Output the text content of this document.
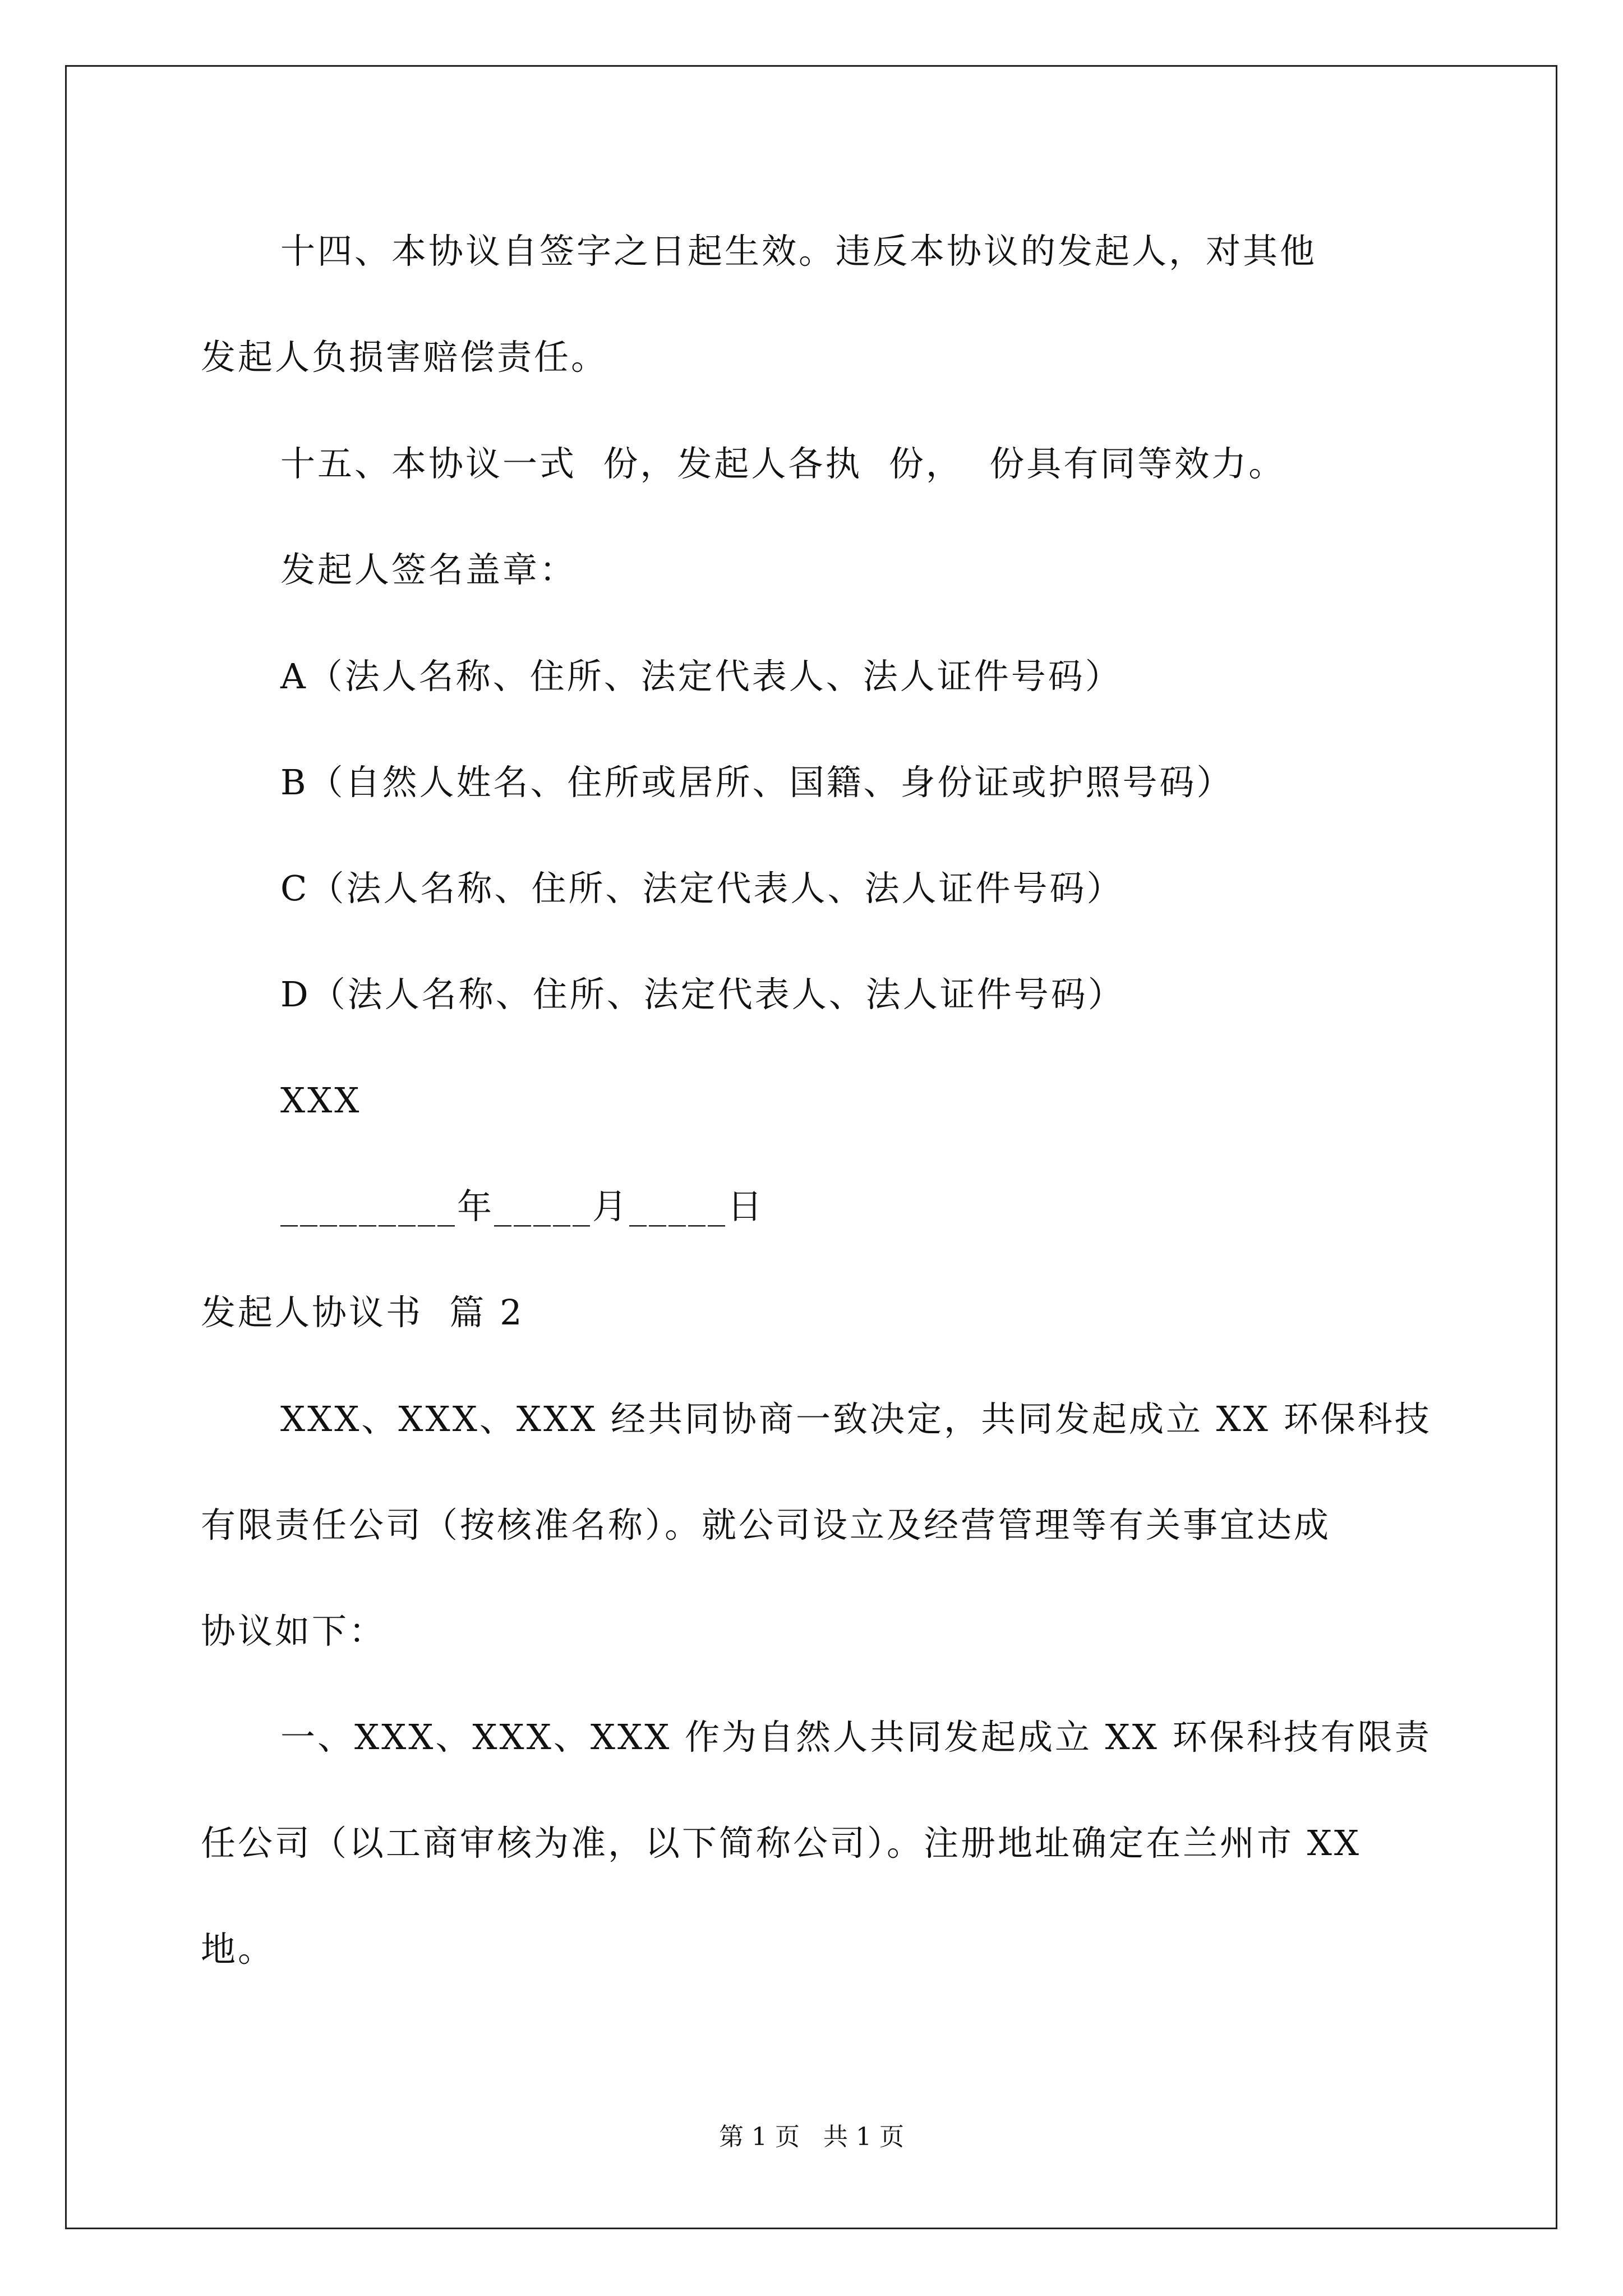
十四、本协议自签字之日起生效。违反本协议的发起人，对其他
发起人负损害赔偿责任。
十五、本协议一式  份，发起人各执  份，  份具有同等效力。
发起人签名盖章：
A（法人名称、住所、法定代表人、法人证件号码）
B（自然人姓名、住所或居所、国籍、身份证或护照号码）
C（法人名称、住所、法定代表人、法人证件号码）
D（法人名称、住所、法定代表人、法人证件号码）
XXX
_________年_____月_____日
发起人协议书  篇 2
XXX、XXX、XXX 经共同协商一致决定，共同发起成立 XX 环保科技
有限责任公司（按核准名称）。就公司设立及经营管理等有关事宜达成
协议如下：
一、XXX、XXX、XXX 作为自然人共同发起成立 XX 环保科技有限责
任公司（以工商审核为准，以下简称公司）。注册地址确定在兰州市 XX
地。
第 1 页   共 1 页
